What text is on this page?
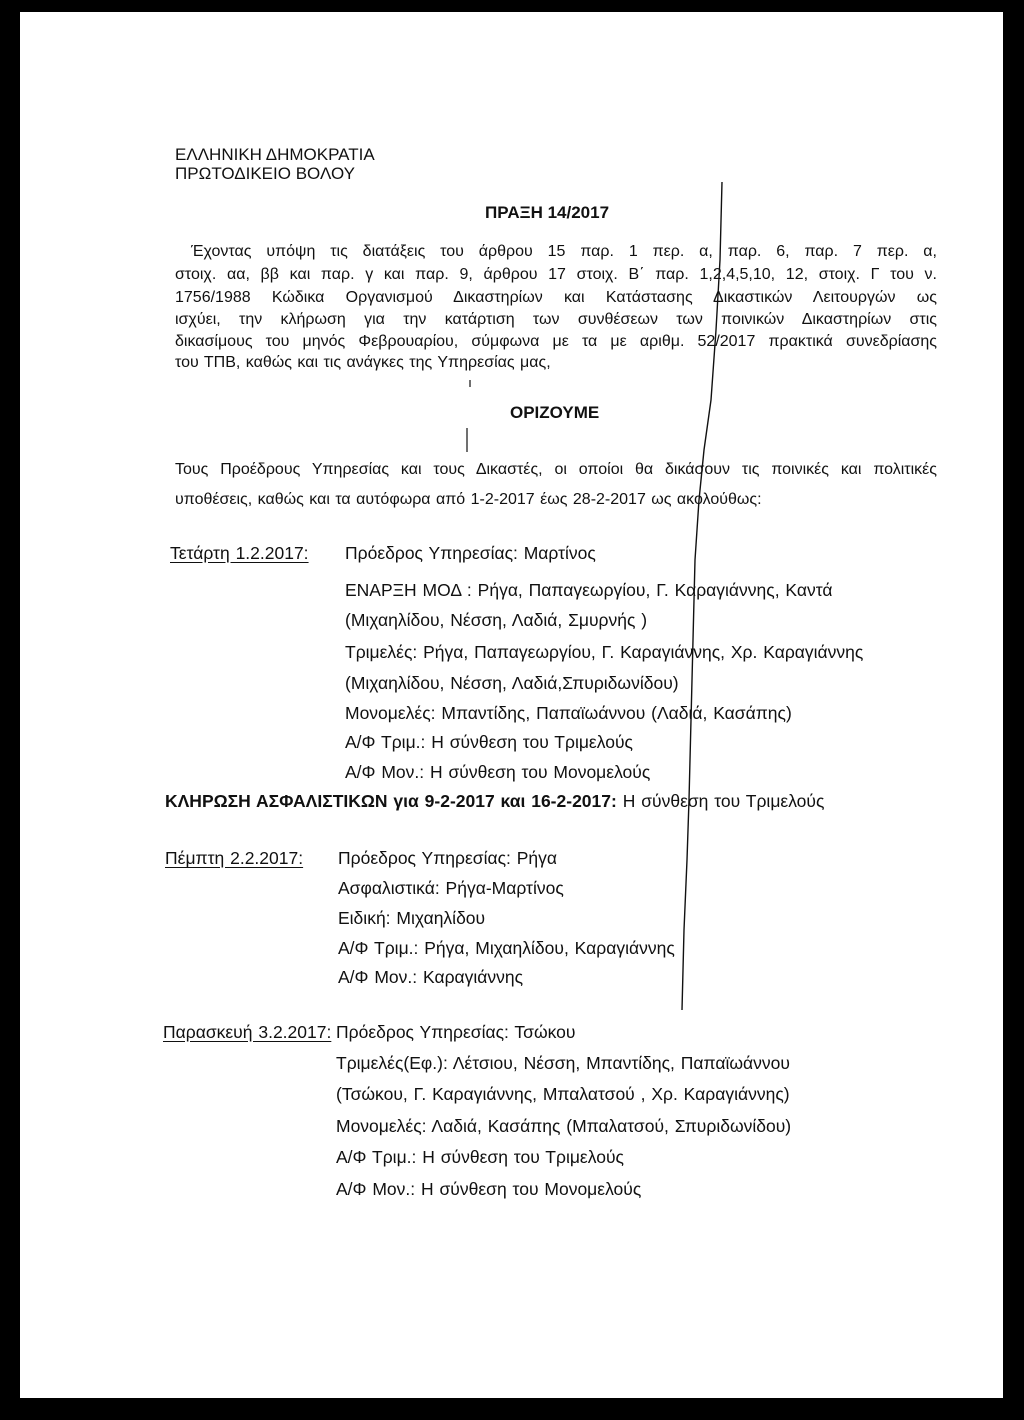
ΕΛΛΗΝΙΚΗ ΔΗΜΟΚΡΑΤΙΑ
ΠΡΩΤΟΔΙΚΕΙΟ ΒΟΛΟΥ
ΠΡΑΞΗ 14/2017
Έχοντας υπόψη τις διατάξεις του άρθρου 15 παρ. 1 περ. α, παρ. 6, παρ. 7 περ. α,
στοιχ. αα, ββ και παρ. γ και παρ. 9, άρθρου 17 στοιχ. Β΄ παρ. 1,2,4,5,10, 12, στοιχ. Γ του ν.
1756/1988 Κώδικα Οργανισμού Δικαστηρίων και Κατάστασης Δικαστικών Λειτουργών ως
ισχύει, την κλήρωση για την κατάρτιση των συνθέσεων των ποινικών Δικαστηρίων στις
δικασίμους του μηνός Φεβρουαρίου, σύμφωνα με τα με αριθμ. 52/2017 πρακτικά συνεδρίασης
του ΤΠΒ, καθώς και τις ανάγκες της Υπηρεσίας μας,
ΟΡΙΖΟΥΜΕ
Τους Προέδρους Υπηρεσίας και τους Δικαστές, οι οποίοι θα δικάσουν τις ποινικές και πολιτικές
υποθέσεις, καθώς και τα αυτόφωρα από 1-2-2017 έως 28-2-2017 ως ακολούθως:
Τετάρτη 1.2.2017: Πρόεδρος Υπηρεσίας: Μαρτίνος
ΕΝΑΡΞΗ ΜΟΔ : Ρήγα, Παπαγεωργίου, Γ. Καραγιάννης, Καντά
(Μιχαηλίδου, Νέσση, Λαδιά, Σμυρνής )
Τριμελές: Ρήγα, Παπαγεωργίου, Γ. Καραγιάννης, Χρ. Καραγιάννης
(Μιχαηλίδου, Νέσση, Λαδιά,Σπυριδωνίδου)
Μονομελές: Μπαντίδης, Παπαϊωάννου (Λαδιά, Κασάπης)
Α/Φ Τριμ.: Η σύνθεση του Τριμελούς
Α/Φ Μον.: Η σύνθεση του Μονομελούς
ΚΛΗΡΩΣΗ ΑΣΦΑΛΙΣΤΙΚΩΝ για 9-2-2017 και 16-2-2017: Η σύνθεση του Τριμελούς
Πέμπτη 2.2.2017: Πρόεδρος Υπηρεσίας: Ρήγα
Ασφαλιστικά: Ρήγα-Μαρτίνος
Ειδική: Μιχαηλίδου
Α/Φ Τριμ.: Ρήγα, Μιχαηλίδου, Καραγιάννης
Α/Φ Μον.: Καραγιάννης
Παρασκευή 3.2.2017: Πρόεδρος Υπηρεσίας: Τσώκου
Τριμελές(Εφ.): Λέτσιου, Νέσση, Μπαντίδης, Παπαϊωάννου
(Τσώκου, Γ. Καραγιάννης, Μπαλατσού , Χρ. Καραγιάννης)
Μονομελές: Λαδιά, Κασάπης (Μπαλατσού, Σπυριδωνίδου)
Α/Φ Τριμ.: Η σύνθεση του Τριμελούς
Α/Φ Μον.: Η σύνθεση του Μονομελούς
